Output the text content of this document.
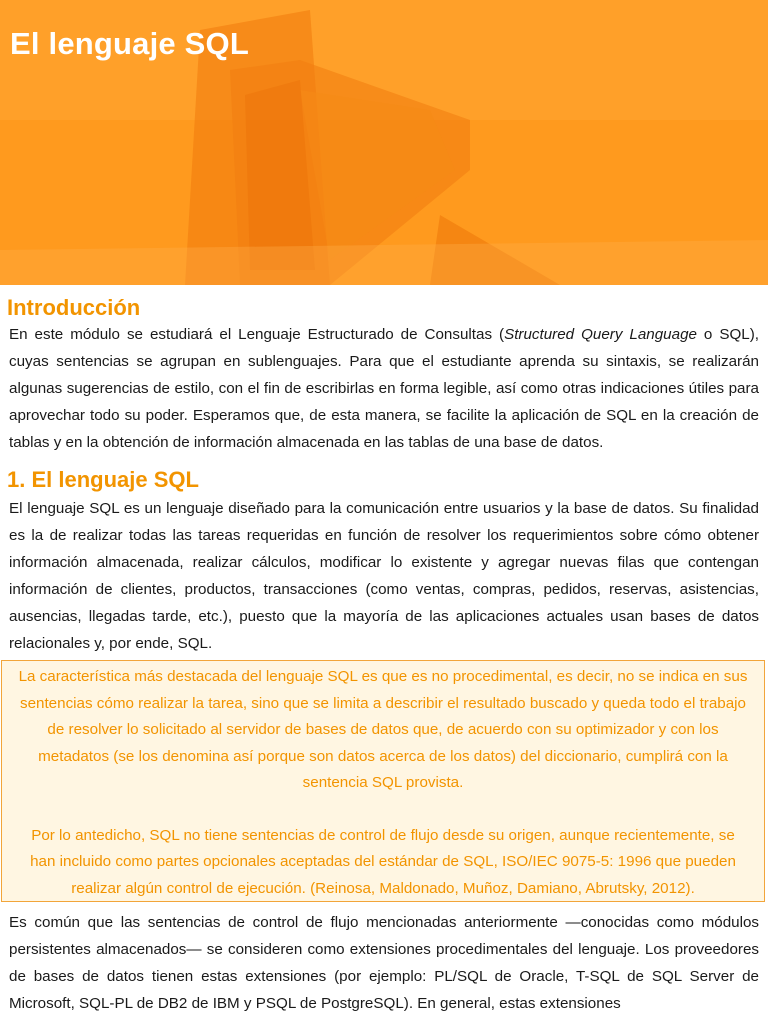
El lenguaje SQL
Introducción

En este módulo se estudiará el Lenguaje Estructurado de Consultas (Structured Query Language o SQL), cuyas sentencias se agrupan en sublenguajes. Para que el estudiante aprenda su sintaxis, se realizarán algunas sugerencias de estilo, con el fin de escribirlas en forma legible, así como otras indicaciones útiles para aprovechar todo su poder. Esperamos que, de esta manera, se facilite la aplicación de SQL en la creación de tablas y en la obtención de información almacenada en las tablas de una base de datos.

1. El lenguaje SQL

El lenguaje SQL es un lenguaje diseñado para la comunicación entre usuarios y la base de datos. Su finalidad es la de realizar todas las tareas requeridas en función de resolver los requerimientos sobre cómo obtener información almacenada, realizar cálculos, modificar lo existente y agregar nuevas filas que contengan información de clientes, productos, transacciones (como ventas, compras, pedidos, reservas, asistencias, ausencias, llegadas tarde, etc.), puesto que la mayoría de las aplicaciones actuales usan bases de datos relacionales y, por ende, SQL.

La característica más destacada del lenguaje SQL es que es no procedimental, es decir, no se indica en sus sentencias cómo realizar la tarea, sino que se limita a describir el resultado buscado y queda todo el trabajo de resolver lo solicitado al servidor de bases de datos que, de acuerdo con su optimizador y con los metadatos (se los denomina así porque son datos acerca de los datos) del diccionario, cumplirá con la sentencia SQL provista.

Por lo antedicho, SQL no tiene sentencias de control de flujo desde su origen, aunque recientemente, se han incluido como partes opcionales aceptadas del estándar de SQL, ISO/IEC 9075-5: 1996 que pueden realizar algún control de ejecución. (Reinosa, Maldonado, Muñoz, Damiano, Abrutsky, 2012).

Es común que las sentencias de control de flujo mencionadas anteriormente —conocidas como módulos persistentes almacenados— se consideren como extensiones procedimentales del lenguaje. Los proveedores de bases de datos tienen estas extensiones (por ejemplo: PL/SQL de Oracle, T-SQL de SQL Server de Microsoft, SQL-PL de DB2 de IBM y PSQL de PostgreSQL). En general, estas extensiones
